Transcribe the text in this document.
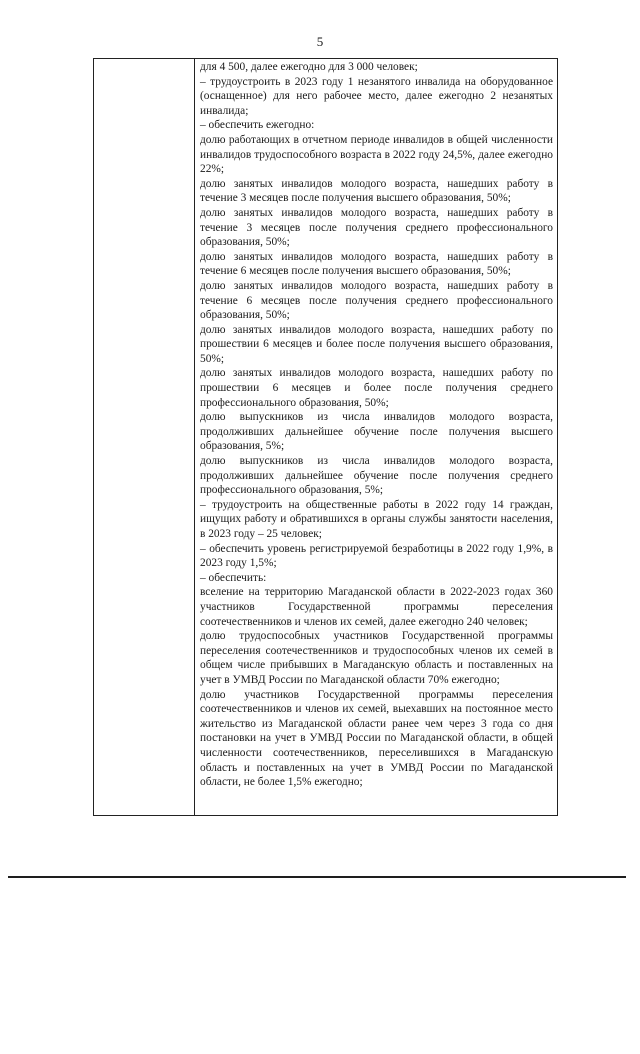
5

для 4 500, далее ежегодно для 3 000 человек;

– трудоустроить в 2023 году 1 незанятого инвалида на оборудованное (оснащенное) для него рабочее место, далее ежегодно 2 незанятых инвалида;

– обеспечить ежегодно:

долю работающих в отчетном периоде инвалидов в общей численности инвалидов трудоспособного возраста в 2022 году 24,5%, далее ежегодно 22%;

долю занятых инвалидов молодого возраста, нашедших работу в течение 3 месяцев после получения высшего образования, 50%;

долю занятых инвалидов молодого возраста, нашедших работу в течение 3 месяцев после получения среднего профессионального образования, 50%;

долю занятых инвалидов молодого возраста, нашедших работу в течение 6 месяцев после получения высшего образования, 50%;

долю занятых инвалидов молодого возраста, нашедших работу в течение 6 месяцев после получения среднего профессионального образования, 50%;

долю занятых инвалидов молодого возраста, нашедших работу по прошествии 6 месяцев и более после получения высшего образования, 50%;

долю занятых инвалидов молодого возраста, нашедших работу по прошествии 6 месяцев и более после получения среднего профессионального образования, 50%;

долю выпускников из числа инвалидов молодого возраста, продолживших дальнейшее обучение после получения высшего образования, 5%;

долю выпускников из числа инвалидов молодого возраста, продолживших дальнейшее обучение после получения среднего профессионального образования, 5%;

– трудоустроить на общественные работы в 2022 году 14 граждан, ищущих работу и обратившихся в органы службы занятости населения, в 2023 году – 25 человек;

– обеспечить уровень регистрируемой безработицы в 2022 году 1,9%, в 2023 году 1,5%;

– обеспечить:

вселение на территорию Магаданской области в 2022-2023 годах 360 участников Государственной программы переселения соотечественников и членов их семей, далее ежегодно 240 человек;

долю трудоспособных участников Государственной программы переселения соотечественников и трудоспособных членов их семей в общем числе прибывших в Магаданскую область и поставленных на учет в УМВД России по Магаданской области 70% ежегодно;

долю участников Государственной программы переселения соотечественников и членов их семей, выехавших на постоянное место жительство из Магаданской области ранее чем через 3 года со дня постановки на учет в УМВД России по Магаданской области, в общей численности соотечественников, переселившихся в Магаданскую область и поставленных на учет в УМВД России по Магаданской области, не более 1,5% ежегодно;
